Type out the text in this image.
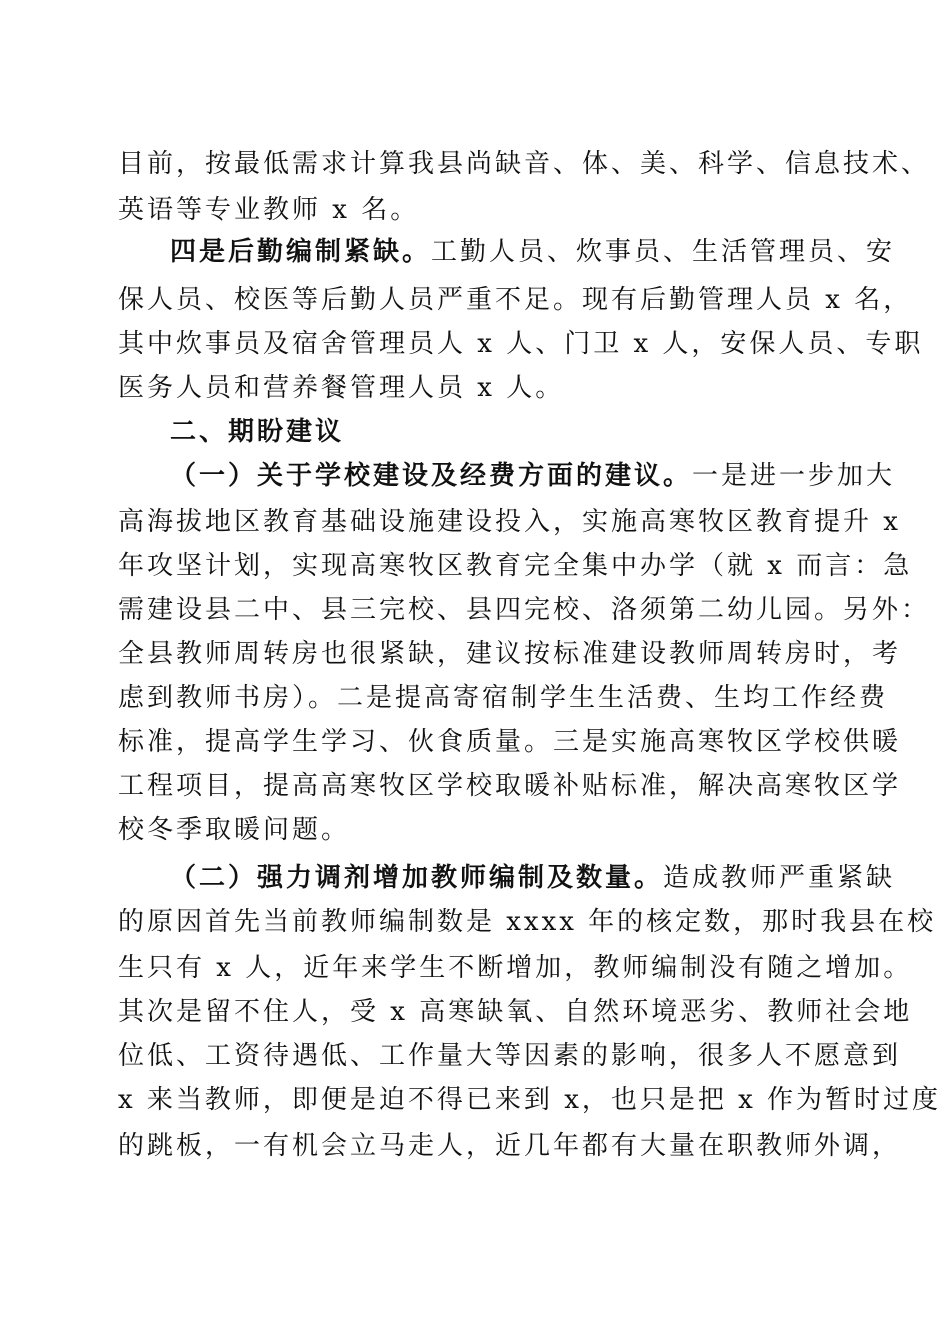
目前，按最低需求计算我县尚缺音、体、美、科学、信息技术、
英语等专业教师 x 名。
四是后勤编制紧缺。工勤人员、炊事员、生活管理员、安
保人员、校医等后勤人员严重不足。现有后勤管理人员 x 名，
其中炊事员及宿舍管理员人 x 人、门卫 x 人，安保人员、专职
医务人员和营养餐管理人员 x 人。
二、期盼建议
（一）关于学校建设及经费方面的建议。一是进一步加大
高海拔地区教育基础设施建设投入，实施高寒牧区教育提升 x
年攻坚计划，实现高寒牧区教育完全集中办学（就 x 而言：急
需建设县二中、县三完校、县四完校、洛须第二幼儿园。另外：
全县教师周转房也很紧缺，建议按标准建设教师周转房时，考
虑到教师书房）。二是提高寄宿制学生生活费、生均工作经费
标准，提高学生学习、伙食质量。三是实施高寒牧区学校供暖
工程项目，提高高寒牧区学校取暖补贴标准，解决高寒牧区学
校冬季取暖问题。
（二）强力调剂增加教师编制及数量。造成教师严重紧缺
的原因首先当前教师编制数是 xxxx 年的核定数，那时我县在校
生只有 x 人，近年来学生不断增加，教师编制没有随之增加。
其次是留不住人，受 x 高寒缺氧、自然环境恶劣、教师社会地
位低、工资待遇低、工作量大等因素的影响，很多人不愿意到
x 来当教师，即便是迫不得已来到 x，也只是把 x 作为暂时过度
的跳板，一有机会立马走人，近几年都有大量在职教师外调，
